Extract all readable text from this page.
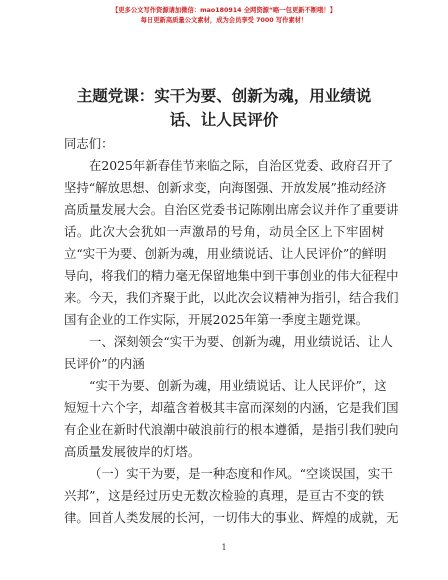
【更多公文写作资源请加微信：mao180914 全网资源“略一包更新不断哦！】
每日更新高质量公文素材，成为会员享受 7000 写作素材！
主题党课：实干为要、创新为魂，用业绩说
话、让人民评价
同志们：
在2025年新春佳节来临之际，自治区党委、政府召开了
坚持“解放思想、创新求变，向海图强、开放发展”推动经济
高质量发展大会。自治区党委书记陈刚出席会议并作了重要讲
话。此次大会犹如一声激昂的号角，动员全区上下牢固树
立“实干为要、创新为魂，用业绩说话、让人民评价”的鲜明
导向，将我们的精力毫无保留地集中到干事创业的伟大征程中
来。今天，我们齐聚于此，以此次会议精神为指引，结合我们
国有企业的工作实际，开展2025年第一季度主题党课。
一、深刻领会“实干为要、创新为魂，用业绩说话、让人
民评价”的内涵
“实干为要、创新为魂，用业绩说话、让人民评价”，这
短短十六个字，却蕴含着极其丰富而深刻的内涵，它是我们国
有企业在新时代浪潮中破浪前行的根本遵循，是指引我们驶向
高质量发展彼岸的灯塔。
（一）实干为要，是一种态度和作风。“空谈误国，实干
兴邦”，这是经过历史无数次检验的真理，是亘古不变的铁
律。回首人类发展的长河，一切伟大的事业、辉煌的成就，无
1
